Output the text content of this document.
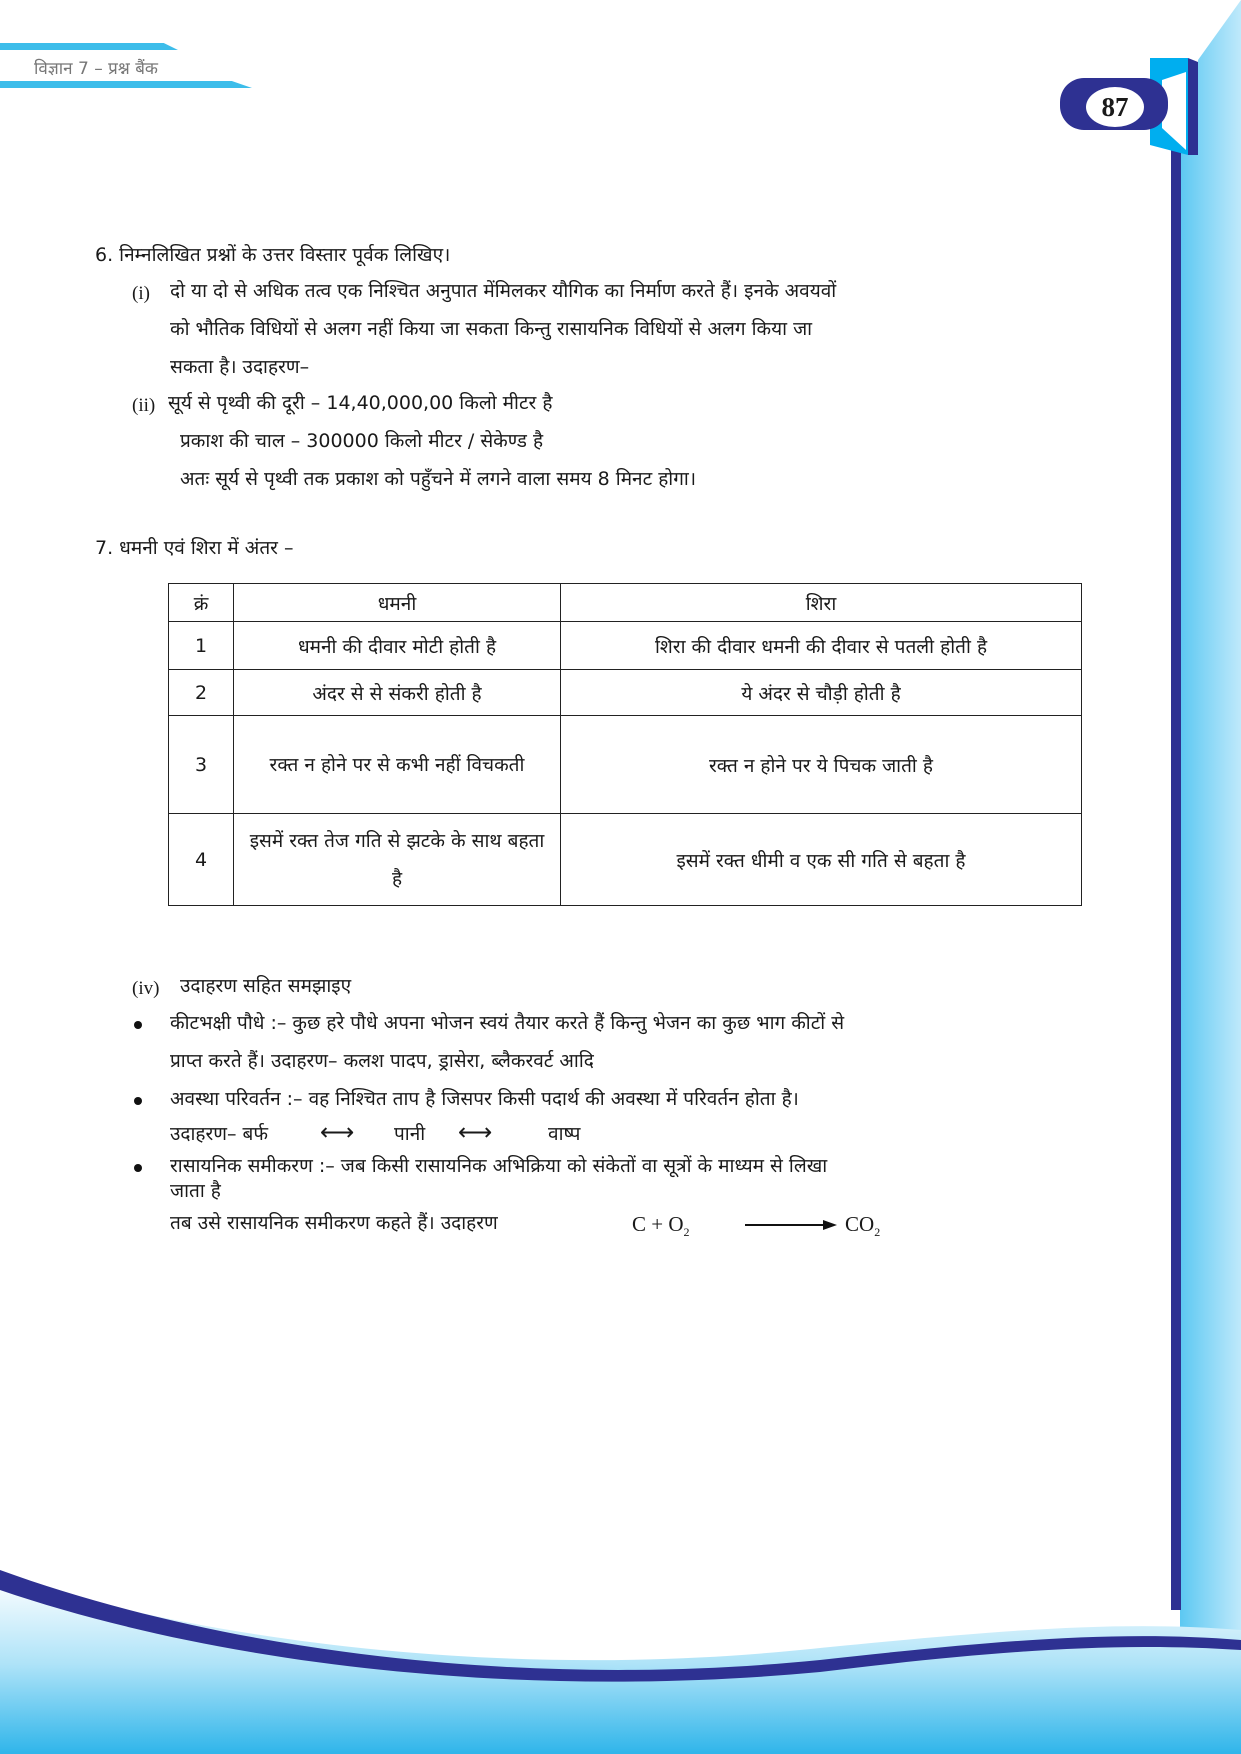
विज्ञान 7 – प्रश्न बैंक
87
6. निम्नलिखित प्रश्नों के उत्तर विस्तार पूर्वक लिखिए।
(i) दो या दो से अधिक तत्व एक निश्चित अनुपात मेंमिलकर यौगिक का निर्माण करते हैं। इनके अवयवों
को भौतिक विधियों से अलग नहीं किया जा सकता किन्तु रासायनिक विधियों से अलग किया जा
सकता है। उदाहरण–
(ii) सूर्य से पृथ्वी की दूरी – 14,40,000,00 किलो मीटर है
प्रकाश की चाल – 300000 किलो मीटर / सेकेण्ड है
अतः सूर्य से पृथ्वी तक प्रकाश को पहुँचने में लगने वाला समय 8 मिनट होगा।
7. धमनी एवं शिरा में अंतर –
क्रं	धमनी	शिरा
1	धमनी की दीवार मोटी होती है	शिरा की दीवार धमनी की दीवार से पतली होती है
2	अंदर से से संकरी होती है	ये अंदर से चौड़ी होती है
3	रक्त न होने पर से कभी नहीं विचकती	रक्त न होने पर ये पिचक जाती है
4	इसमें रक्त तेज गति से झटके के साथ बहता है	इसमें रक्त धीमी व एक सी गति से बहता है
(iv) उदाहरण सहित समझाइए
कीटभक्षी पौधे :– कुछ हरे पौधे अपना भोजन स्वयं तैयार करते हैं किन्तु भेजन का कुछ भाग कीटों से
प्राप्त करते हैं। उदाहरण– कलश पादप, ड्रासेरा, ब्लैकरवर्ट आदि
अवस्था परिवर्तन :– वह निश्चित ताप है जिसपर किसी पदार्थ की अवस्था में परिवर्तन होता है।
उदाहरण– बर्फ ⟷ पानी ⟷	वाष्प
रासायनिक समीकरण :– जब किसी रासायनिक अभिक्रिया को संकेतों वा सूत्रों के माध्यम से लिखा
जाता है
तब उसे रासायनिक समीकरण कहते हैं। उदाहरण	$C + O_2$	$CO_2$
